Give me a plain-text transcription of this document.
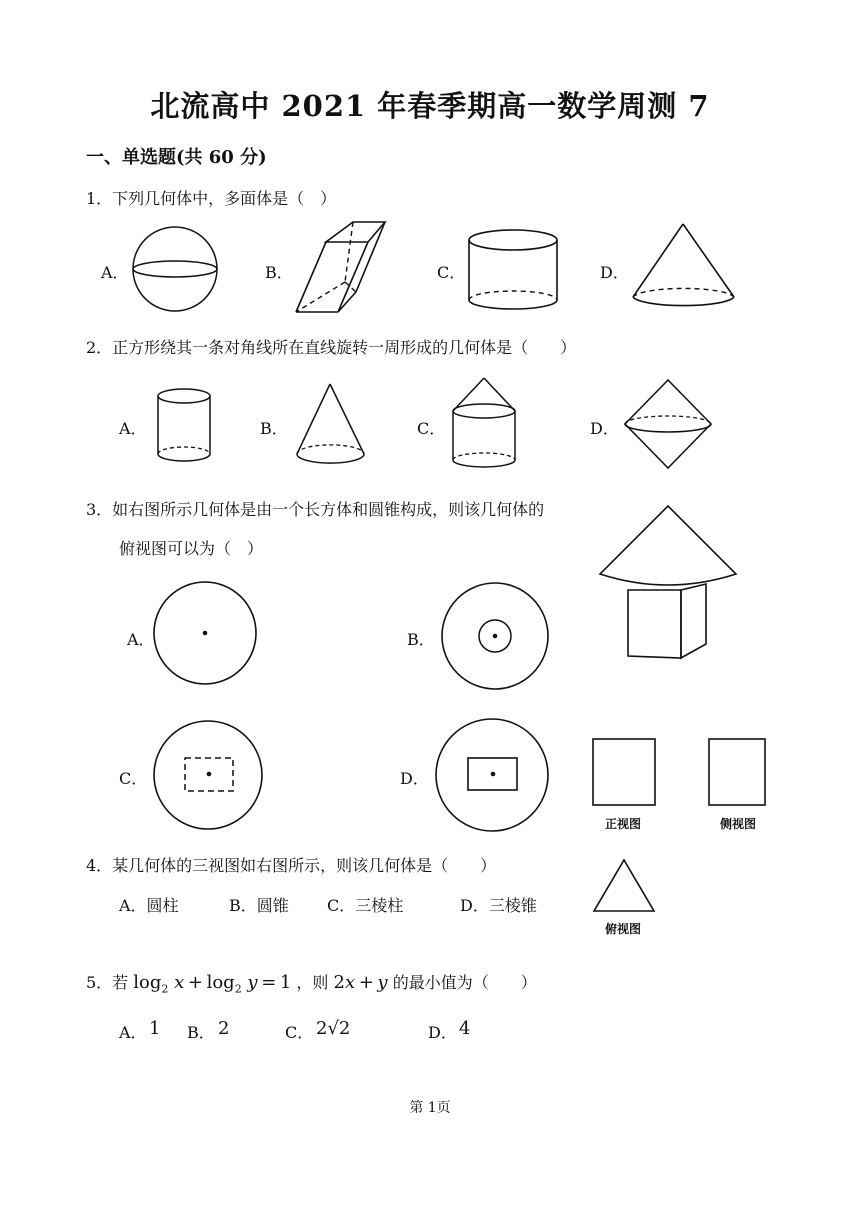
北流高中 2021 年春季期高一数学周测 7
一、单选题(共 60 分)
1．下列几何体中，多面体是（　）
A．	B．	C．	D．
2．正方形绕其一条对角线所在直线旋转一周形成的几何体是（　　）
A．	B．	C．	D．
3．如右图所示几何体是由一个长方体和圆锥构成，则该几何体的
俯视图可以为（　）
A．	B．
C．	D．
正视图	侧视图
俯视图
4．某几何体的三视图如右图所示，则该几何体是（　　）
A．圆柱	B．圆锥 C．三棱柱	D．三棱锥
5．若 $\log_2 x + \log_2 y = 1$ ，则 2x + y 的最小值为（　　）
A． 1 B． 2	C． 2√2	D． 4
第 1页
